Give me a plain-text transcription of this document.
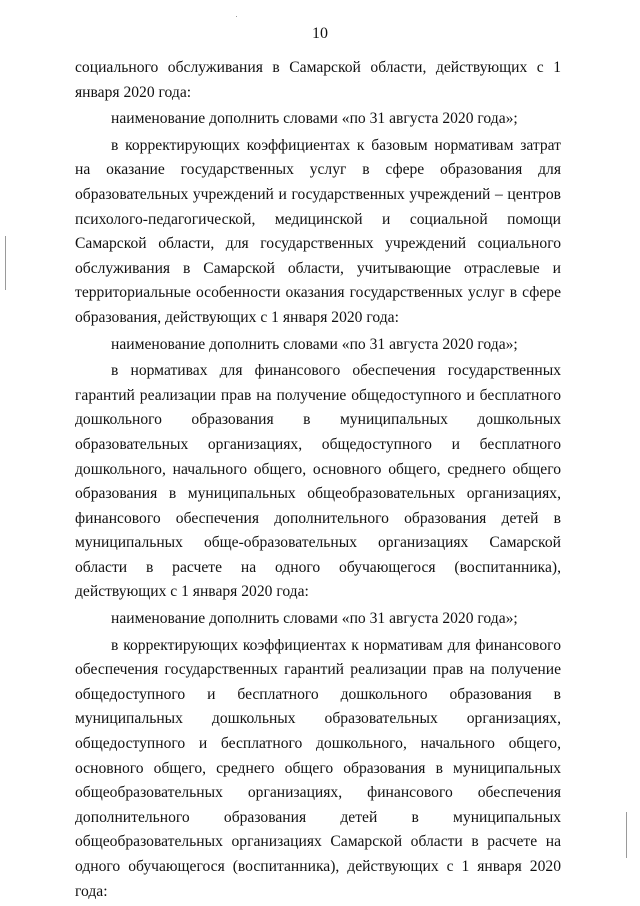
10

социального обслуживания в Самарской области, действующих с 1 января 2020 года:

наименование дополнить словами «по 31 августа 2020 года»;

в корректирующих коэффициентах к базовым нормативам затрат на оказание государственных услуг в сфере образования для образовательных учреждений и государственных учреждений – центров психолого-педагогической, медицинской и социальной помощи Самарской области, для государственных учреждений социального обслуживания в Самарской области, учитывающие отраслевые и территориальные особенности оказания государственных услуг в сфере образования, действующих с 1 января 2020 года:

наименование дополнить словами «по 31 августа 2020 года»;

в нормативах для финансового обеспечения государственных гарантий реализации прав на получение общедоступного и бесплатного дошкольного образования в муниципальных дошкольных образовательных организациях, общедоступного и бесплатного дошкольного, начального общего, основного общего, среднего общего образования в муниципальных общеобразовательных организациях, финансового обеспечения дополнительного образования детей в муниципальных обще-образовательных организациях Самарской области в расчете на одного обучающегося (воспитанника), действующих с 1 января 2020 года:

наименование дополнить словами «по 31 августа 2020 года»;

в корректирующих коэффициентах к нормативам для финансового обеспечения государственных гарантий реализации прав на получение общедоступного и бесплатного дошкольного образования в муниципальных дошкольных образовательных организациях, общедоступного и бесплатного дошкольного, начального общего, основного общего, среднего общего образования в муниципальных общеобразовательных организациях, финансового обеспечения дополнительного образования детей в муниципальных общеобразовательных организациях Самарской области в расчете на одного обучающегося (воспитанника), действующих с 1 января 2020 года:
